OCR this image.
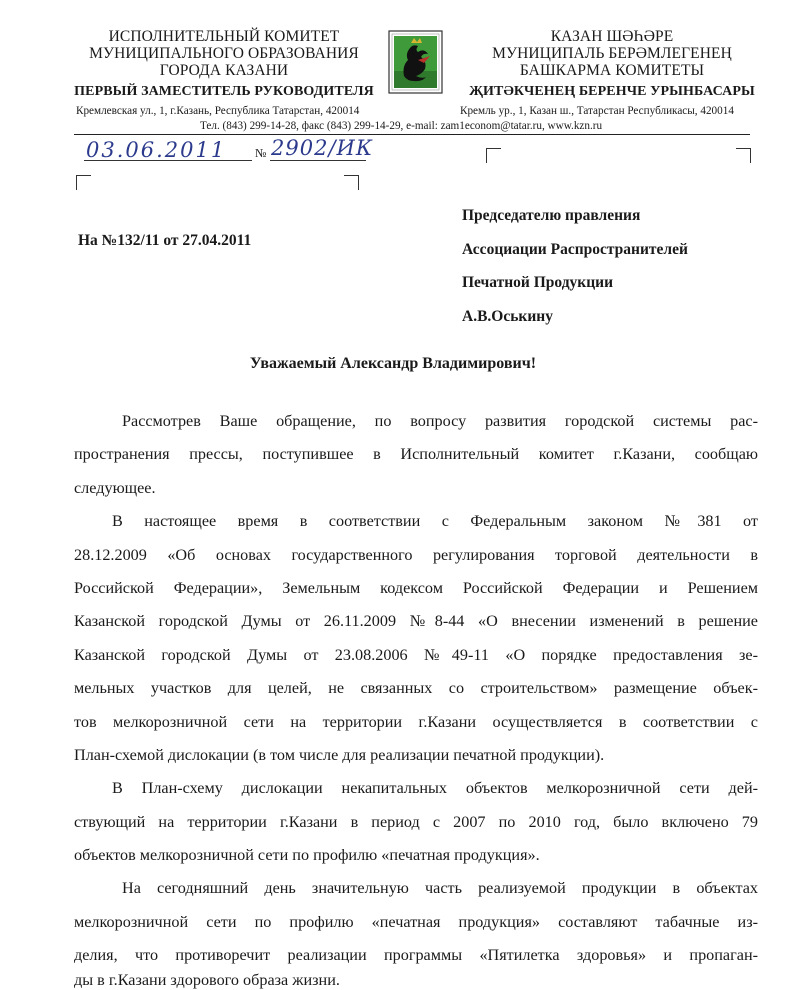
ИСПОЛНИТЕЛЬНЫЙ КОМИТЕТ
МУНИЦИПАЛЬНОГО ОБРАЗОВАНИЯ
ГОРОДА КАЗАНИ
ПЕРВЫЙ ЗАМЕСТИТЕЛЬ РУКОВОДИТЕЛЯ
КАЗАН ШӘҺӘРЕ
МУНИЦИПАЛЬ БЕРӘМЛЕГЕНЕҢ
БАШКАРМА КОМИТЕТЫ
ҖИТӘКЧЕНЕҢ БЕРЕНЧЕ УРЫНБАСАРЫ
Кремлевская ул., 1, г.Казань, Республика Татарстан, 420014	Кремль ур., 1, Казан ш., Татарстан Республикасы, 420014
Тел. (843) 299-14-28, факс (843) 299-14-29, e-mail: zam1econom@tatar.ru, www.kzn.ru
03.06.2011 № 2902/ИК
На №132/11 от 27.04.2011
Председателю правления
Ассоциации Распространителей
Печатной Продукции
А.В.Оськину
Уважаемый Александр Владимирович!
Рассмотрев Ваше обращение, по вопросу развития городской системы рас-
пространения прессы, поступившее в Исполнительный комитет г.Казани, сообщаю
следующее.
В настоящее время в соответствии с Федеральным законом №381 от
28.12.2009 «Об основах государственного регулирования торговой деятельности в
Российской Федерации», Земельным кодексом Российской Федерации и Решением
Казанской городской Думы от 26.11.2009 №8-44 «О внесении изменений в решение
Казанской городской Думы от 23.08.2006 №49-11 «О порядке предоставления зе-
мельных участков для целей, не связанных со строительством» размещение объек-
тов мелкорозничной сети на территории г.Казани осуществляется в соответствии с
План-схемой дислокации (в том числе для реализации печатной продукции).
В План-схему дислокации некапитальных объектов мелкорозничной сети дей-
ствующий на территории г.Казани в период с 2007 по 2010 год, было включено 79
объектов мелкорозничной сети по профилю «печатная продукция».
На сегодняшний день значительную часть реализуемой продукции в объектах
мелкорозничной сети по профилю «печатная продукция» составляют табачные из-
делия, что противоречит реализации программы «Пятилетка здоровья» и пропаган-
ды в г.Казани здорового образа жизни.
